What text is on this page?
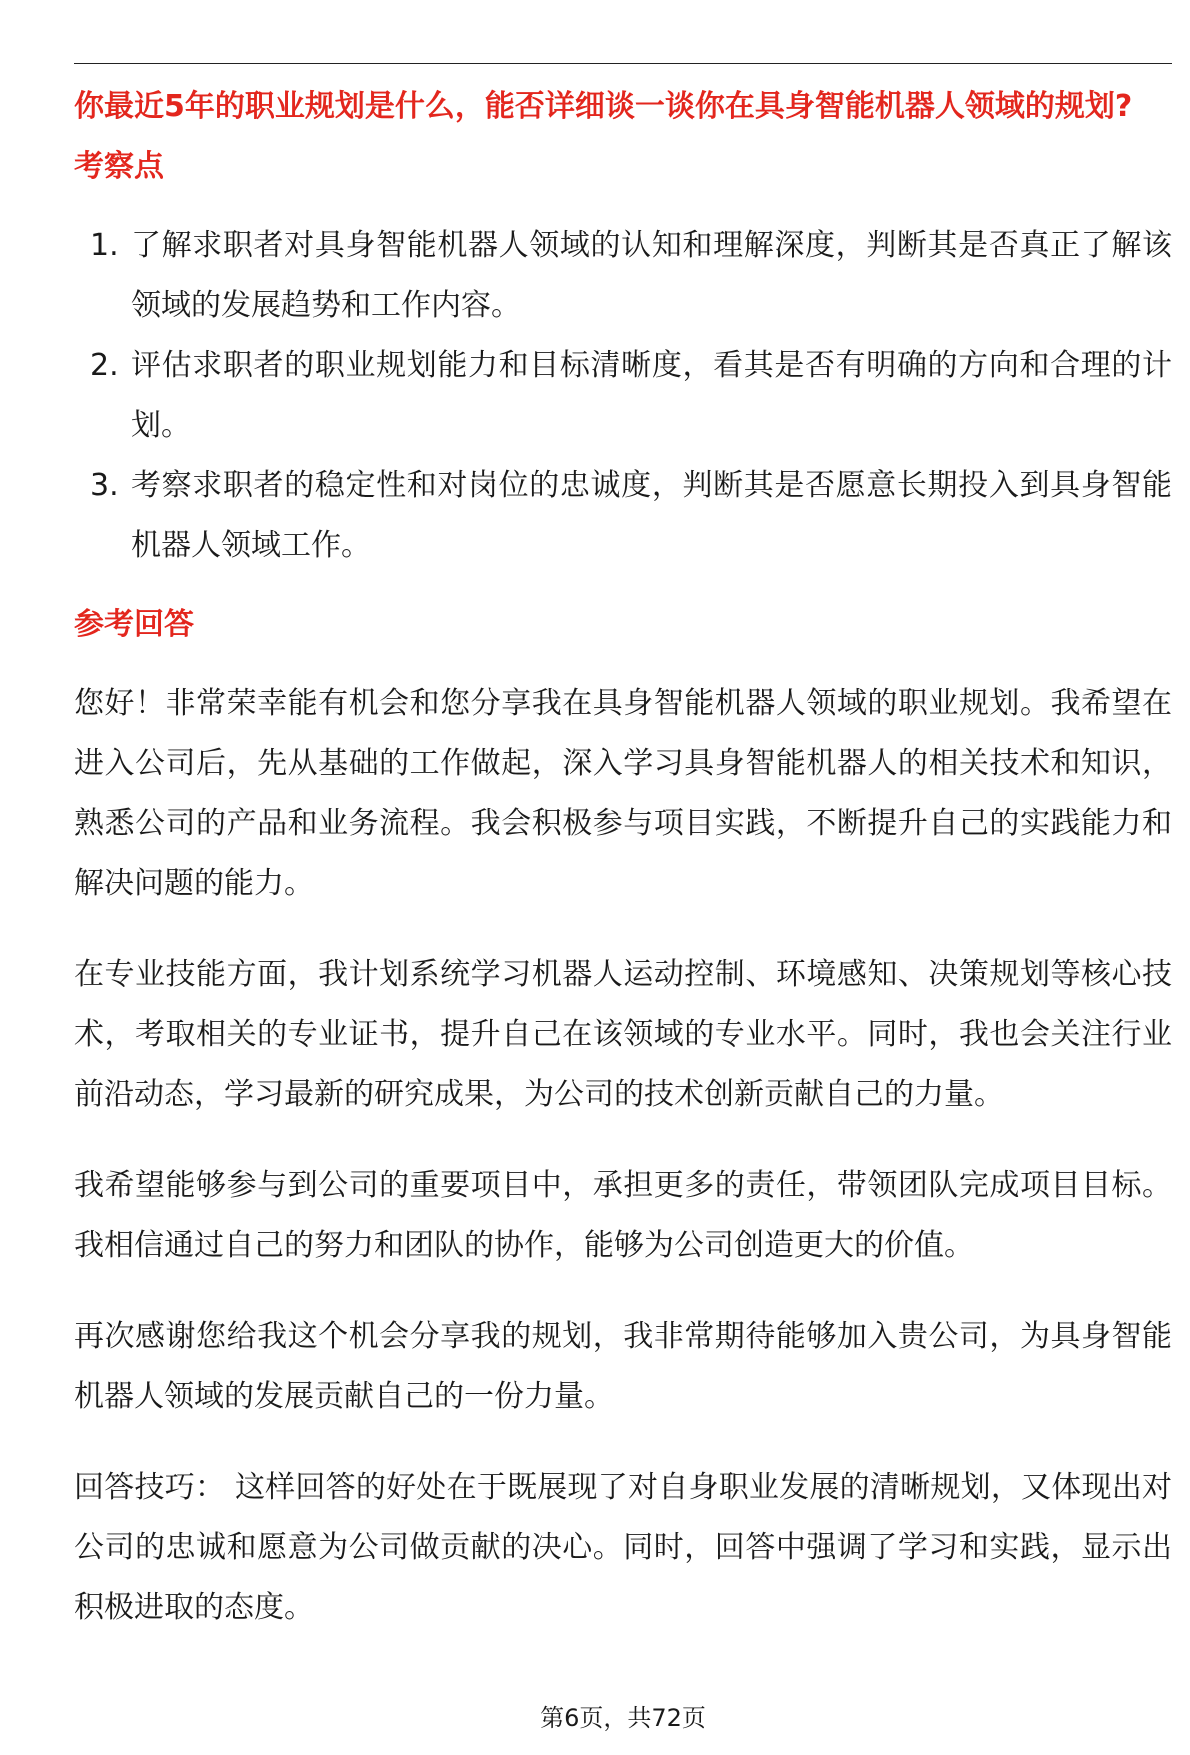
你最近5年的职业规划是什么，能否详细谈一谈你在具身智能机器人领域的规划?
考察点
1. 了解求职者对具身智能机器人领域的认知和理解深度，判断其是否真正了解该领域的发展趋势和工作内容。
2. 评估求职者的职业规划能力和目标清晰度，看其是否有明确的方向和合理的计划。
3. 考察求职者的稳定性和对岗位的忠诚度，判断其是否愿意长期投入到具身智能机器人领域工作。
参考回答

您好！非常荣幸能有机会和您分享我在具身智能机器人领域的职业规划。我希望在进入公司后，先从基础的工作做起，深入学习具身智能机器人的相关技术和知识，熟悉公司的产品和业务流程。我会积极参与项目实践，不断提升自己的实践能力和解决问题的能力。

在专业技能方面，我计划系统学习机器人运动控制、环境感知、决策规划等核心技术，考取相关的专业证书，提升自己在该领域的专业水平。同时，我也会关注行业前沿动态，学习最新的研究成果，为公司的技术创新贡献自己的力量。

我希望能够参与到公司的重要项目中，承担更多的责任，带领团队完成项目目标。我相信通过自己的努力和团队的协作，能够为公司创造更大的价值。

再次感谢您给我这个机会分享我的规划，我非常期待能够加入贵公司，为具身智能机器人领域的发展贡献自己的一份力量。

回答技巧： 这样回答的好处在于既展现了对自身职业发展的清晰规划，又体现出对公司的忠诚和愿意为公司做贡献的决心。同时，回答中强调了学习和实践，显示出积极进取的态度。

第6页，共72页
